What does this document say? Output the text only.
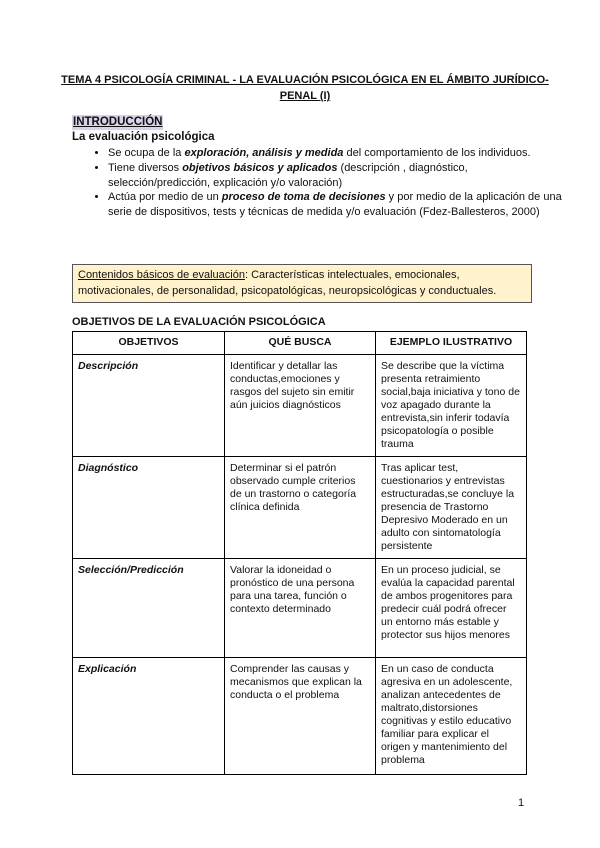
TEMA 4 PSICOLOGÍA CRIMINAL - LA EVALUACIÓN PSICOLÓGICA EN EL ÁMBITO JURÍDICO- PENAL (I)
INTRODUCCIÓN
La evaluación psicológica
• Se ocupa de la exploración, análisis y medida del comportamiento de los individuos.
• Tiene diversos objetivos básicos y aplicados (descripción , diagnóstico, selección/predicción, explicación y/o valoración)
• Actúa por medio de un proceso de toma de decisiones y por medio de la aplicación de una serie de dispositivos, tests y técnicas de medida y/o evaluación (Fdez-Ballesteros, 2000)
Contenidos básicos de evaluación: Características intelectuales, emocionales, motivacionales, de personalidad, psicopatológicas, neuropsicológicas y conductuales.
OBJETIVOS DE LA EVALUACIÓN PSICOLÓGICA
OBJETIVOS	QUÉ BUSCA	EJEMPLO ILUSTRATIVO
Descripción	Identificar y detallar las conductas,emociones y rasgos del sujeto sin emitir aún juicios diagnósticos	Se describe que la víctima presenta retraimiento social,baja iniciativa y tono de voz apagado durante la entrevista,sin inferir todavía psicopatología o posible trauma
Diagnóstico	Determinar si el patrón observado cumple criterios de un trastorno o categoría clínica definida	Tras aplicar test, cuestionarios y entrevistas estructuradas,se concluye la presencia de Trastorno Depresivo Moderado en un adulto con sintomatología persistente
Selección/Predicción	Valorar la idoneidad o pronóstico de una persona para una tarea, función o contexto determinado	En un proceso judicial, se evalúa la capacidad parental de ambos progenitores para predecir cuál podrá ofrecer un entorno más estable y protector sus hijos menores
Explicación	Comprender las causas y mecanismos que explican la conducta o el problema	En un caso de conducta agresiva en un adolescente, analizan antecedentes de maltrato,distorsiones cognitivas y estilo educativo familiar para explicar el origen y mantenimiento del problema
1
